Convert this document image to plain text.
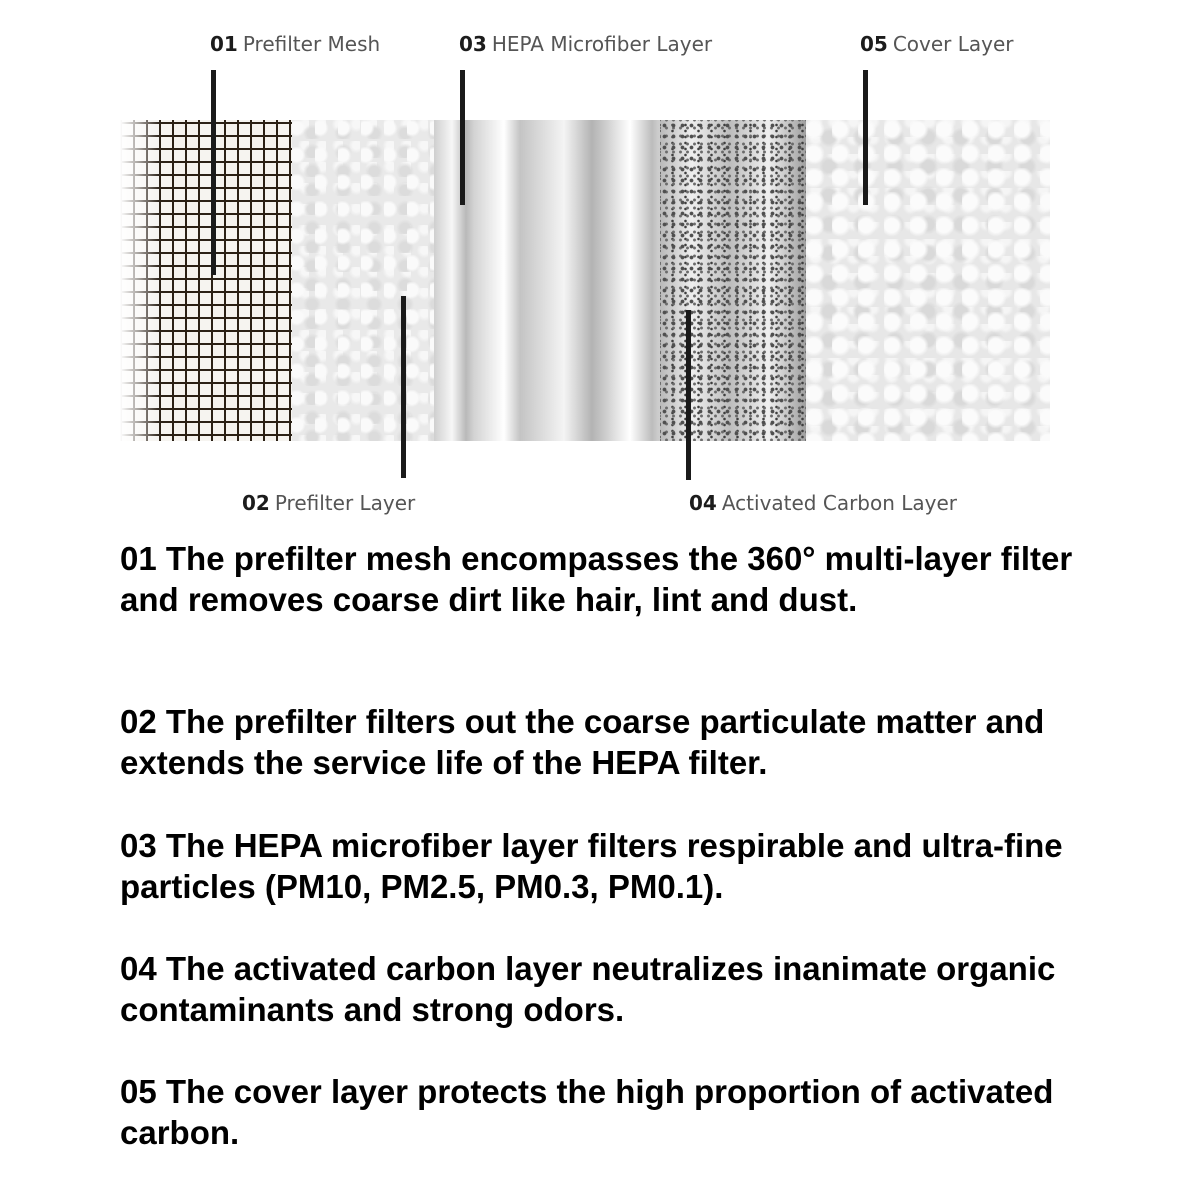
01 Prefilter Mesh	03 HEPA Microfiber Layer	05 Cover Layer
02 Prefilter Layer	04 Activated Carbon Layer

01 The prefilter mesh encompasses the 360° multi-layer filter and removes coarse dirt like hair, lint and dust.

02 The prefilter filters out the coarse particulate matter and extends the service life of the HEPA filter.

03 The HEPA microfiber layer filters respirable and ultra-fine particles (PM10, PM2.5, PM0.3, PM0.1).

04 The activated carbon layer neutralizes inanimate organic contaminants and strong odors.

05 The cover layer protects the high proportion of activated carbon.
